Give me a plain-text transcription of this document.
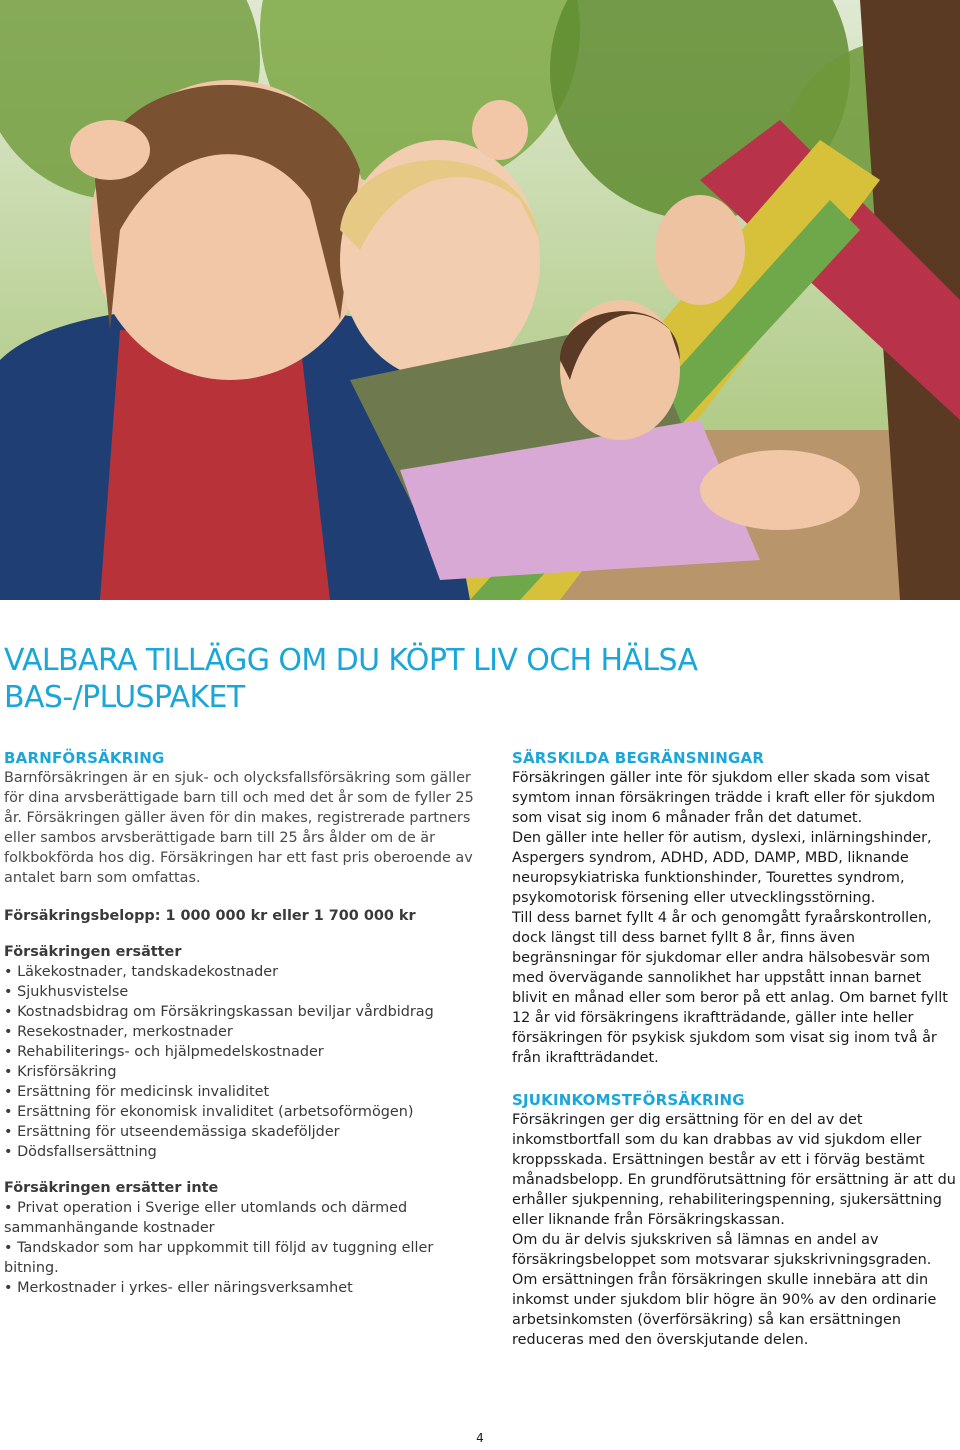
VALBARA TILLÄGG OM DU KÖPT LIV OCH HÄLSA
BAS-/PLUSPAKET
BARNFÖRSÄKRING

Barnförsäkringen är en sjuk- och olycksfallsförsäkring som gäller för dina arvsberättigade barn till och med det år som de fyller 25 år. Försäkringen gäller även för din makes, registrerade partners eller sambos arvsberättigade barn till 25 års ålder om de är folkbokförda hos dig. Försäkringen har ett fast pris oberoende av antalet barn som omfattas.

Försäkringsbelopp: 1 000 000 kr eller 1 700 000 kr

Försäkringen ersätter

• Läkekostnader, tandskadekostnader
• Sjukhusvistelse
• Kostnadsbidrag om Försäkringskassan beviljar vårdbidrag
• Resekostnader, merkostnader
• Rehabiliterings- och hjälpmedelskostnader
• Krisförsäkring
• Ersättning för medicinsk invaliditet
• Ersättning för ekonomisk invaliditet (arbetsoförmögen)
• Ersättning för utseendemässiga skadeföljder
• Dödsfallsersättning

Försäkringen ersätter inte

• Privat operation i Sverige eller utomlands och därmed sammanhängande kostnader
• Tandskador som har uppkommit till följd av tuggning eller bitning.
• Merkostnader i yrkes- eller näringsverksamhet
SÄRSKILDA BEGRÄNSNINGAR

Försäkringen gäller inte för sjukdom eller skada som visat symtom innan försäkringen trädde i kraft eller för sjukdom som visat sig inom 6 månader från det datumet.

Den gäller inte heller för autism, dyslexi, inlärningshinder, Aspergers syndrom, ADHD, ADD, DAMP, MBD, liknande neuropsykiatriska funktionshinder, Tourettes syndrom, psykomotorisk försening eller utvecklingsstörning.

Till dess barnet fyllt 4 år och genomgått fyraårskontrollen, dock längst till dess barnet fyllt 8 år, finns även begränsningar för sjukdomar eller andra hälsobesvär som med övervägande sannolikhet har uppstått innan barnet blivit en månad eller som beror på ett anlag. Om barnet fyllt 12 år vid försäkringens ikraftträdande, gäller inte heller försäkringen för psykisk sjukdom som visat sig inom två år från ikraftträdandet.

SJUKINKOMSTFÖRSÄKRING

Försäkringen ger dig ersättning för en del av det inkomstbortfall som du kan drabbas av vid sjukdom eller kroppsskada. Ersättningen består av ett i förväg bestämt månadsbelopp. En grundförutsättning för ersättning är att du erhåller sjukpenning, rehabiliteringspenning, sjukersättning eller liknande från Försäkringskassan.

Om du är delvis sjukskriven så lämnas en andel av försäkringsbeloppet som motsvarar sjukskrivningsgraden.

Om ersättningen från försäkringen skulle innebära att din inkomst under sjukdom blir högre än 90% av den ordinarie arbetsinkomsten (överförsäkring) så kan ersättningen reduceras med den överskjutande delen.

4
